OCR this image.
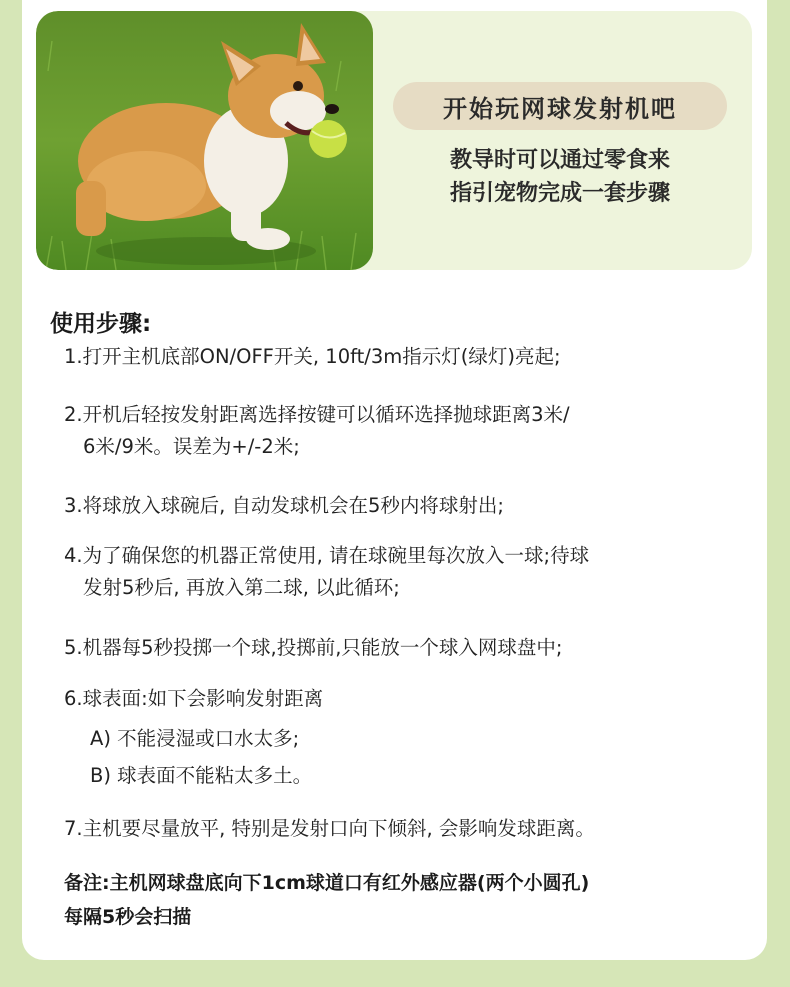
开始玩网球发射机吧
教导时可以通过零食来
指引宠物完成一套步骤
使用步骤:
1.打开主机底部ON/OFF开关, 10ft/3m指示灯(绿灯)亮起;
2.开机后轻按发射距离选择按键可以循环选择抛球距离3米/
6米/9米。误差为+/-2米;
3.将球放入球碗后, 自动发球机会在5秒内将球射出;
4.为了确保您的机器正常使用, 请在球碗里每次放入一球;待球
发射5秒后, 再放入第二球, 以此循环;
5.机器每5秒投掷一个球,投掷前,只能放一个球入网球盘中;
6.球表面:如下会影响发射距离
A) 不能浸湿或口水太多;
B) 球表面不能粘太多土。
7.主机要尽量放平, 特别是发射口向下倾斜, 会影响发球距离。
备注:主机网球盘底向下1cm球道口有红外感应器(两个小圆孔)
每隔5秒会扫描
